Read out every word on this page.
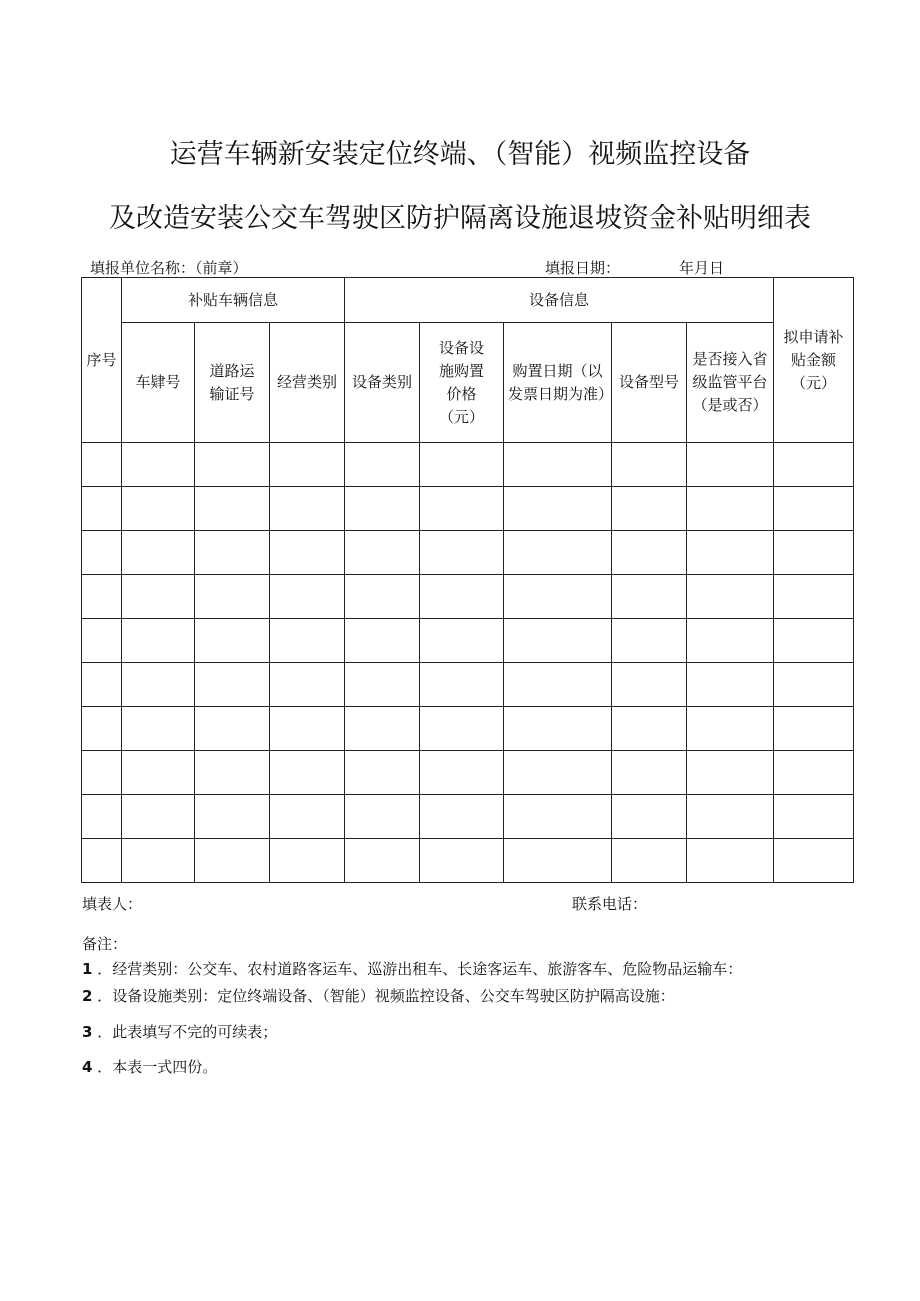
运营车辆新安装定位终端、（智能）视频监控设备
及改造安装公交车驾驶区防护隔离设施退坡资金补贴明细表
填报单位名称：（前章）	填报日期：	年月日
序号	补贴车辆信息			设备信息					拟申请补贴金额（元）
	车肄号	道路运输证号	经营类别	设备类别	设备设施购置价格（元）	购置日期（以发票日期为准）	设备型号	是否接入省级监管平台（是或否）	

填表人：	联系电话：
备注：
1 ．经营类别：公交车、农村道路客运车、巡游出租车、长途客运车、旅游客车、危险物品运输车：
2 ．设备设施类别：定位终端设备、（智能）视频监控设备、公交车驾驶区防护隔高设施：
3 ．此表填写不完的可续表；
4 ．本表一式四份。
